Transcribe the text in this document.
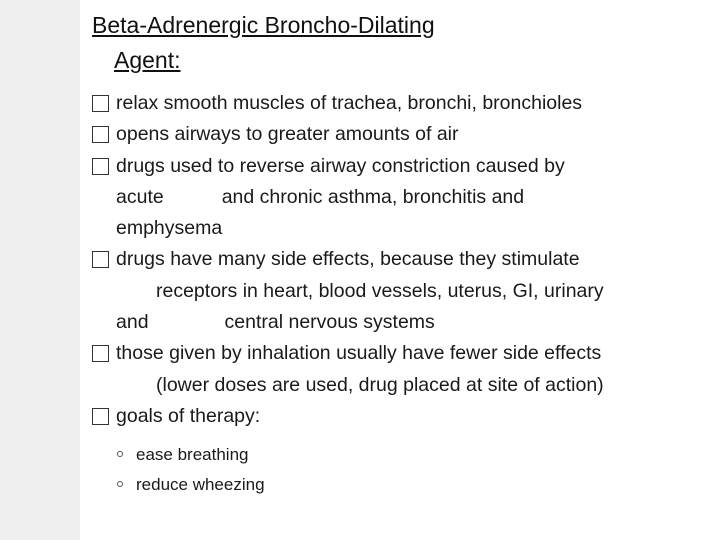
Beta-Adrenergic Broncho-Dilating
Agent:
relax smooth muscles of trachea, bronchi, bronchioles
opens airways to greater amounts of air
drugs used to reverse airway constriction caused by
acute	and chronic asthma, bronchitis and
emphysema
drugs have many side effects, because they stimulate
receptors in heart, blood vessels, uterus, GI, urinary
and	central nervous systems
those given by inhalation usually have fewer side effects
(lower doses are used, drug placed at site of action)
goals of therapy:
ease breathing
reduce wheezing
